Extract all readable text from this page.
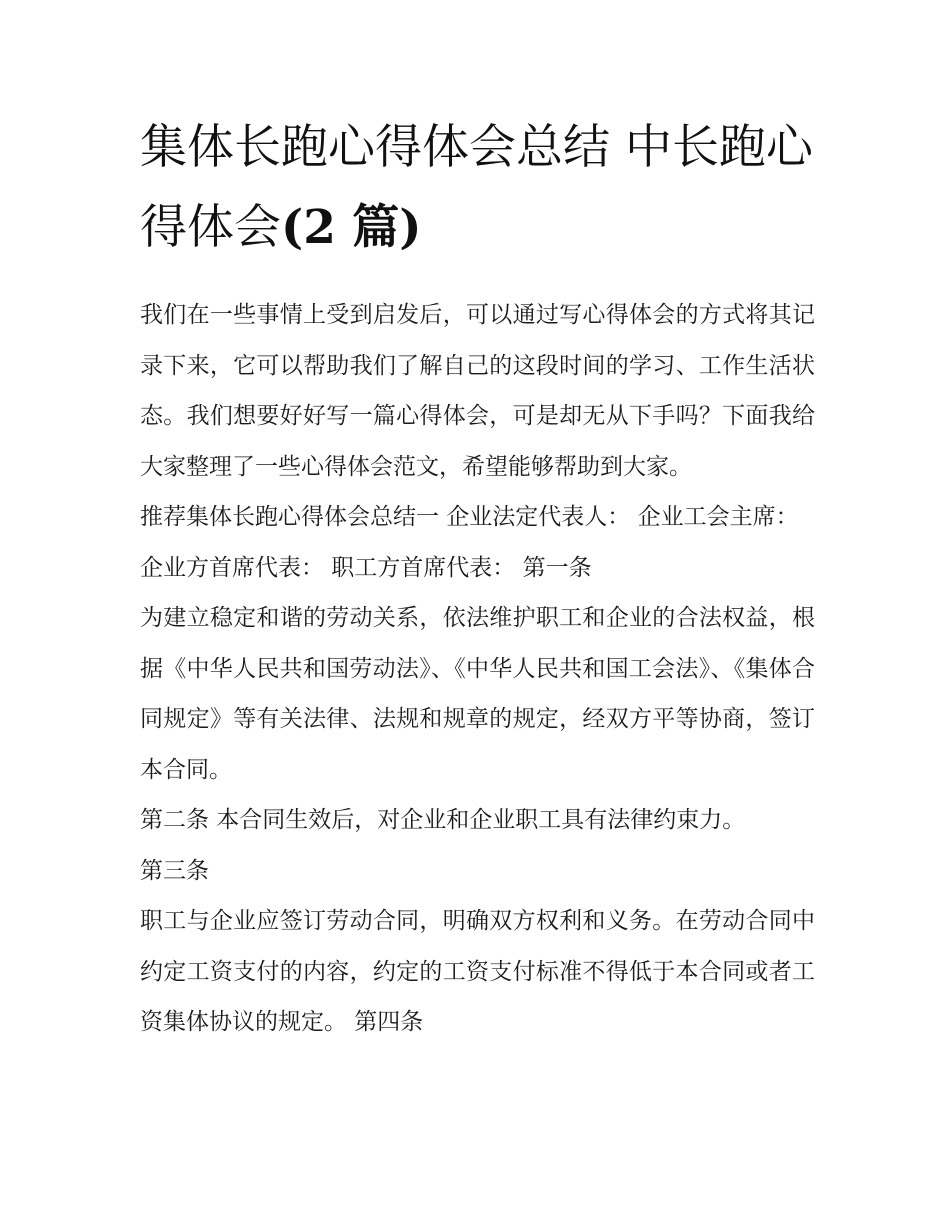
集体长跑心得体会总结 中长跑心得体会(2 篇)

我们在一些事情上受到启发后，可以通过写心得体会的方式将其记录下来，它可以帮助我们了解自己的这段时间的学习、工作生活状态。我们想要好好写一篇心得体会，可是却无从下手吗？下面我给大家整理了一些心得体会范文，希望能够帮助到大家。

推荐集体长跑心得体会总结一 企业法定代表人： 企业工会主席： 企业方首席代表： 职工方首席代表： 第一条

为建立稳定和谐的劳动关系，依法维护职工和企业的合法权益，根据《中华人民共和国劳动法》、《中华人民共和国工会法》、《集体合同规定》等有关法律、法规和规章的规定，经双方平等协商，签订本合同。

第二条 本合同生效后，对企业和企业职工具有法律约束力。

第三条

职工与企业应签订劳动合同，明确双方权利和义务。在劳动合同中约定工资支付的内容，约定的工资支付标准不得低于本合同或者工资集体协议的规定。 第四条
